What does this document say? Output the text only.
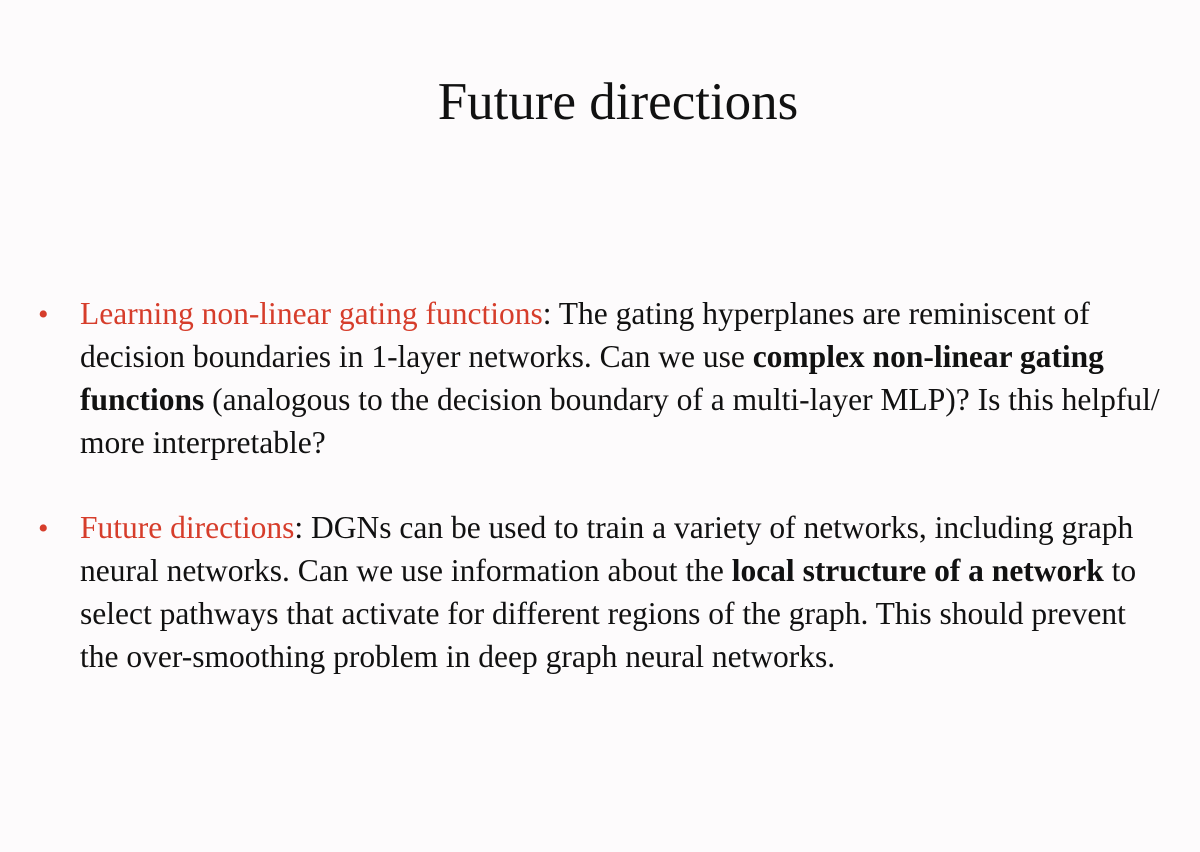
Future directions
• Learning non-linear gating functions: The gating hyperplanes are reminiscent of decision boundaries in 1-layer networks. Can we use complex non-linear gating functions (analogous to the decision boundary of a multi-layer MLP)? Is this helpful/ more interpretable?
• Future directions: DGNs can be used to train a variety of networks, including graph neural networks. Can we use information about the local structure of a network to select pathways that activate for different regions of the graph. This should prevent the over-smoothing problem in deep graph neural networks.
